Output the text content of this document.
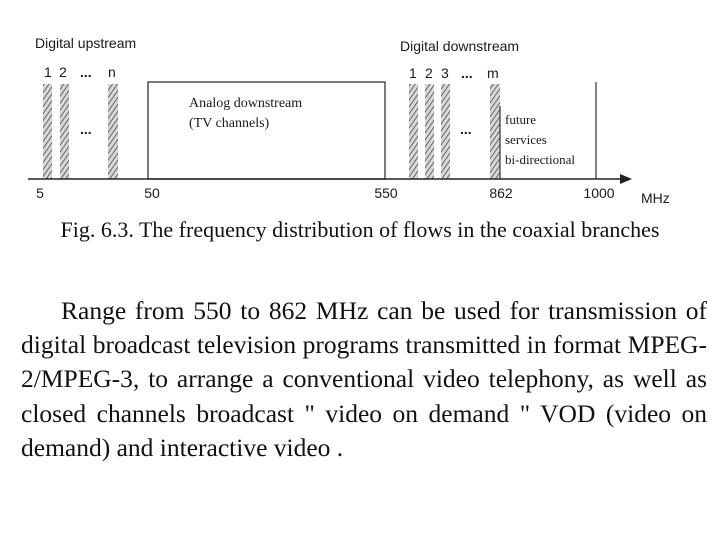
Digital upstream	Digital downstream
1 2 ... n	1 2 3 ... m
...	...
Analog downstream
(TV channels)	future
services
bi-directional
5	50	550	862	1000 MHz
Fig. 6.3. The frequency distribution of flows in the coaxial branches

Range from 550 to 862 MHz can be used for transmission of digital broadcast television programs transmitted in format MPEG-2/MPEG-3, to arrange a conventional video telephony, as well as closed channels broadcast " video on demand " VOD (video on demand) and interactive video .
